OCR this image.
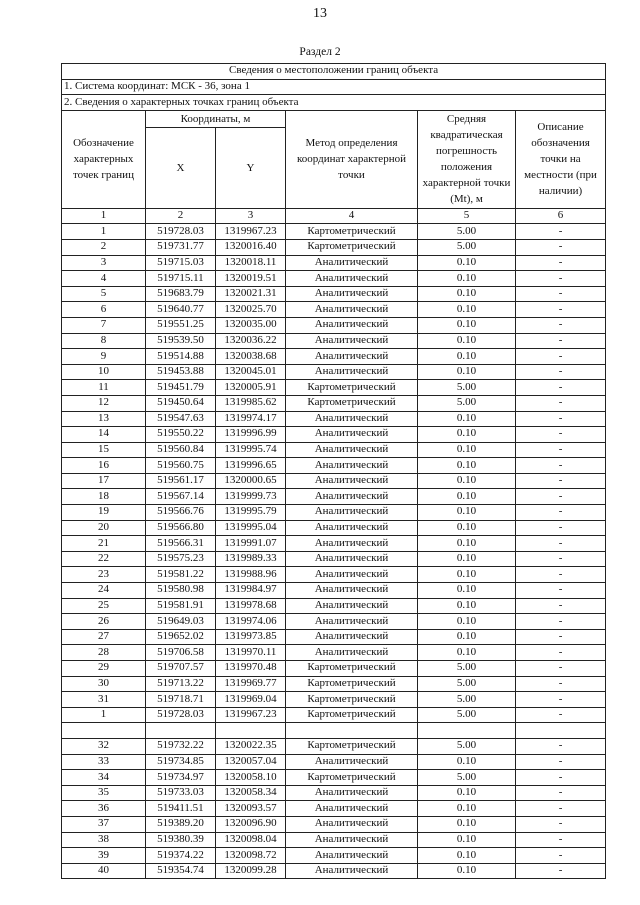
13
Раздел 2
Сведения о местоположении границ объекта					
1. Система координат: МСК - 36, зона 1					
2. Сведения о характерных точках границ объекта					
Обозначение характерных точек границ	Координаты, м		Метод определения координат характерной точки	Средняя квадратическая погрешность положения характерной точки (Mt), м	Описание обозначения точки на местности (при наличии)
	X	Y			
1	2	3	4	5	6
1	519728.03	1319967.23	Картометрический	5.00	-
2	519731.77	1320016.40	Картометрический	5.00	-
3	519715.03	1320018.11	Аналитический	0.10	-
4	519715.11	1320019.51	Аналитический	0.10	-
5	519683.79	1320021.31	Аналитический	0.10	-
6	519640.77	1320025.70	Аналитический	0.10	-
7	519551.25	1320035.00	Аналитический	0.10	-
8	519539.50	1320036.22	Аналитический	0.10	-
9	519514.88	1320038.68	Аналитический	0.10	-
10	519453.88	1320045.01	Аналитический	0.10	-
11	519451.79	1320005.91	Картометрический	5.00	-
12	519450.64	1319985.62	Картометрический	5.00	-
13	519547.63	1319974.17	Аналитический	0.10	-
14	519550.22	1319996.99	Аналитический	0.10	-
15	519560.84	1319995.74	Аналитический	0.10	-
16	519560.75	1319996.65	Аналитический	0.10	-
17	519561.17	1320000.65	Аналитический	0.10	-
18	519567.14	1319999.73	Аналитический	0.10	-
19	519566.76	1319995.79	Аналитический	0.10	-
20	519566.80	1319995.04	Аналитический	0.10	-
21	519566.31	1319991.07	Аналитический	0.10	-
22	519575.23	1319989.33	Аналитический	0.10	-
23	519581.22	1319988.96	Аналитический	0.10	-
24	519580.98	1319984.97	Аналитический	0.10	-
25	519581.91	1319978.68	Аналитический	0.10	-
26	519649.03	1319974.06	Аналитический	0.10	-
27	519652.02	1319973.85	Аналитический	0.10	-
28	519706.58	1319970.11	Аналитический	0.10	-
29	519707.57	1319970.48	Картометрический	5.00	-
30	519713.22	1319969.77	Картометрический	5.00	-
31	519718.71	1319969.04	Картометрический	5.00	-
1	519728.03	1319967.23	Картометрический	5.00	-

32	519732.22	1320022.35	Картометрический	5.00	-
33	519734.85	1320057.04	Аналитический	0.10	-
34	519734.97	1320058.10	Картометрический	5.00	-
35	519733.03	1320058.34	Аналитический	0.10	-
36	519411.51	1320093.57	Аналитический	0.10	-
37	519389.20	1320096.90	Аналитический	0.10	-
38	519380.39	1320098.04	Аналитический	0.10	-
39	519374.22	1320098.72	Аналитический	0.10	-
40	519354.74	1320099.28	Аналитический	0.10	-
